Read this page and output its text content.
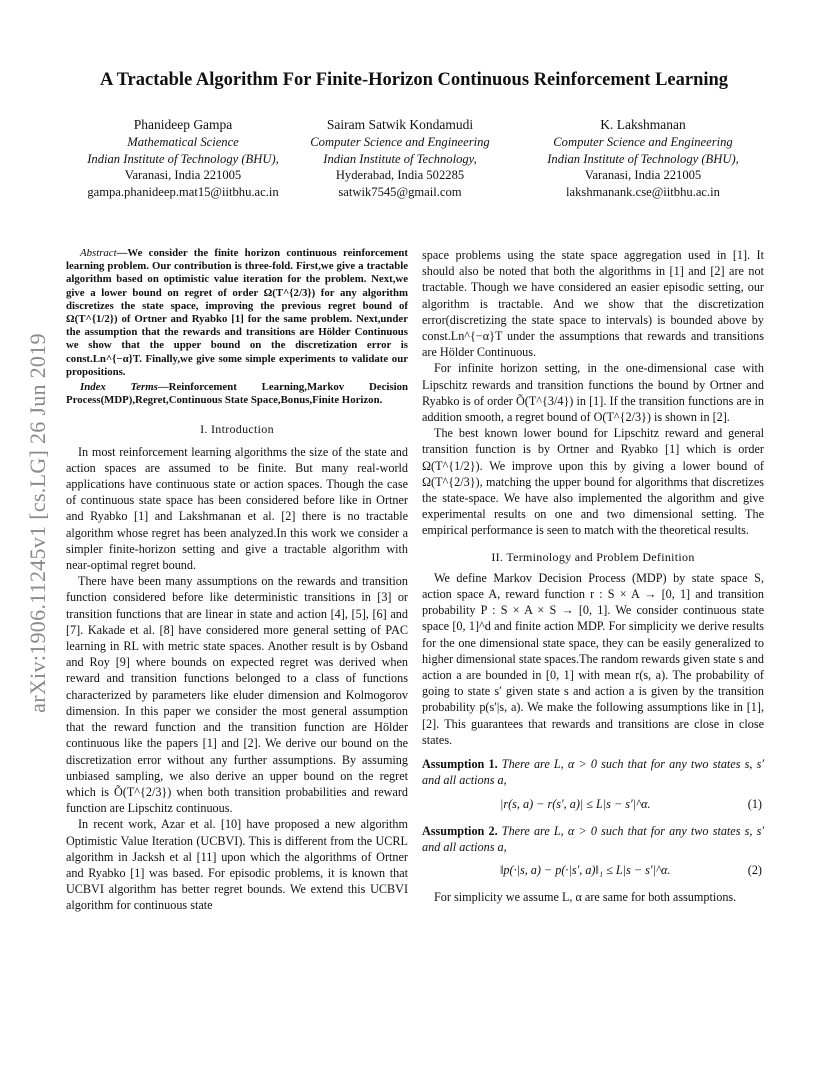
arXiv:1906.11245v1 [cs.LG] 26 Jun 2019
A Tractable Algorithm For Finite-Horizon Continuous Reinforcement Learning
Phanideep Gampa
Mathematical Science
Indian Institute of Technology (BHU),
Varanasi, India 221005
gampa.phanideep.mat15@iitbhu.ac.in
Sairam Satwik Kondamudi
Computer Science and Engineering
Indian Institute of Technology,
Hyderabad, India 502285
satwik7545@gmail.com
K. Lakshmanan
Computer Science and Engineering
Indian Institute of Technology (BHU),
Varanasi, India 221005
lakshmanank.cse@iitbhu.ac.in

Abstract—We consider the finite horizon continuous reinforcement learning problem. Our contribution is three-fold. First,we give a tractable algorithm based on optimistic value iteration for the problem. Next,we give a lower bound on regret of order Ω(T^{2/3}) for any algorithm discretizes the state space, improving the previous regret bound of Ω(T^{1/2}) of Ortner and Ryabko [1] for the same problem. Next,under the assumption that the rewards and transitions are Hölder Continuous we show that the upper bound on the discretization error is const.Ln^{−α}T. Finally,we give some simple experiments to validate our propositions.

Index Terms—Reinforcement Learning,Markov Decision Process(MDP),Regret,Continuous State Space,Bonus,Finite Horizon.

I. Introduction

In most reinforcement learning algorithms the size of the state and action spaces are assumed to be finite. But many real-world applications have continuous state or action spaces. Though the case of continuous state space has been considered before like in Ortner and Ryabko [1] and Lakshmanan et al. [2] there is no tractable algorithm whose regret has been analyzed.In this work we consider a simpler finite-horizon setting and give a tractable algorithm with near-optimal regret bound.

There have been many assumptions on the rewards and transition function considered before like deterministic transitions in [3] or transition functions that are linear in state and action [4], [5], [6] and [7]. Kakade et al. [8] have considered more general setting of PAC learning in RL with metric state spaces. Another result is by Osband and Roy [9] where bounds on expected regret was derived when reward and transition functions belonged to a class of functions characterized by parameters like eluder dimension and Kolmogorov dimension. In this paper we consider the most general assumption that the reward function and the transition function are Hölder continuous like the papers [1] and [2]. We derive our bound on the discretization error without any further assumptions. By assuming unbiased sampling, we also derive an upper bound on the regret which is Õ(T^{2/3}) when both transition probabilities and reward function are Lipschitz continuous.

In recent work, Azar et al. [10] have proposed a new algorithm Optimistic Value Iteration (UCBVI). This is different from the UCRL algorithm in Jacksh et al [11] upon which the algorithms of Ortner and Ryabko [1] was based. For episodic problems, it is known that UCBVI algorithm has better regret bounds. We extend this UCBVI algorithm for continuous state

space problems using the state space aggregation used in [1]. It should also be noted that both the algorithms in [1] and [2] are not tractable. Though we have considered an easier episodic setting, our algorithm is tractable. And we show that the discretization error(discretizing the state space to intervals) is bounded above by const.Ln^{−α}T under the assumptions that rewards and transitions are Hölder Continuous.

For infinite horizon setting, in the one-dimensional case with Lipschitz rewards and transition functions the bound by Ortner and Ryabko is of order Õ(T^{3/4}) in [1]. If the transition functions are in addition smooth, a regret bound of O(T^{2/3}) is shown in [2].

The best known lower bound for Lipschitz reward and general transition function is by Ortner and Ryabko [1] which is order Ω(T^{1/2}). We improve upon this by giving a lower bound of Ω(T^{2/3}), matching the upper bound for algorithms that discretizes the state-space. We have also implemented the algorithm and give experimental results on one and two dimensional setting. The empirical performance is seen to match with the theoretical results.

II. Terminology and Problem Definition

We define Markov Decision Process (MDP) by state space S, action space A, reward function r : S × A → [0, 1] and transition probability P : S × A × S → [0, 1]. We consider continuous state space [0, 1]^d and finite action MDP. For simplicity we derive results for the one dimensional state space, they can be easily generalized to higher dimensional state spaces.The random rewards given state s and action a are bounded in [0, 1] with mean r(s, a). The probability of going to state s′ given state s and action a is given by the transition probability p(s′|s, a). We make the following assumptions like in [1], [2]. This guarantees that rewards and transitions are close in close states.

Assumption 1. There are L, α > 0 such that for any two states s, s′ and all actions a,

|r(s, a) − r(s′, a)| ≤ L|s − s′|^α.	(1)

Assumption 2. There are L, α > 0 such that for any two states s, s′ and all actions a,

‖p(·|s, a) − p(·|s′, a)‖₁ ≤ L|s − s′|^α.	(2)

For simplicity we assume L, α are same for both assumptions.
